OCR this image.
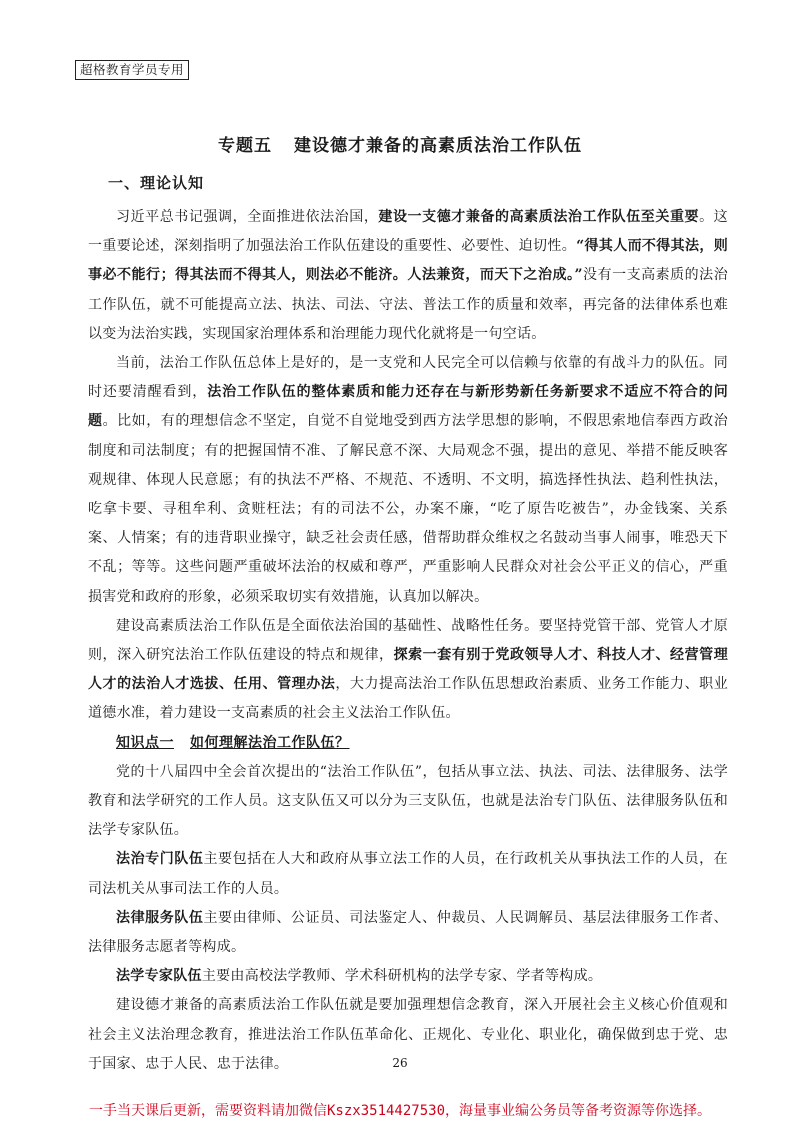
超格教育学员专用
专题五 建设德才兼备的高素质法治工作队伍
一、理论认知

习近平总书记强调，全面推进依法治国，建设一支德才兼备的高素质法治工作队伍至关重要。这一重要论述，深刻指明了加强法治工作队伍建设的重要性、必要性、迫切性。“得其人而不得其法，则事必不能行；得其法而不得其人，则法必不能济。人法兼资，而天下之治成。”没有一支高素质的法治工作队伍，就不可能提高立法、执法、司法、守法、普法工作的质量和效率，再完备的法律体系也难以变为法治实践，实现国家治理体系和治理能力现代化就将是一句空话。

当前，法治工作队伍总体上是好的，是一支党和人民完全可以信赖与依靠的有战斗力的队伍。同时还要清醒看到，法治工作队伍的整体素质和能力还存在与新形势新任务新要求不适应不符合的问题。比如，有的理想信念不坚定，自觉不自觉地受到西方法学思想的影响，不假思索地信奉西方政治制度和司法制度；有的把握国情不准、了解民意不深、大局观念不强，提出的意见、举措不能反映客观规律、体现人民意愿；有的执法不严格、不规范、不透明、不文明，搞选择性执法、趋利性执法，吃拿卡要、寻租牟利、贪赃枉法；有的司法不公，办案不廉，“吃了原告吃被告”，办金钱案、关系案、人情案；有的违背职业操守，缺乏社会责任感，借帮助群众维权之名鼓动当事人闹事，唯恐天下不乱；等等。这些问题严重破坏法治的权威和尊严，严重影响人民群众对社会公平正义的信心，严重损害党和政府的形象，必须采取切实有效措施，认真加以解决。

建设高素质法治工作队伍是全面依法治国的基础性、战略性任务。要坚持党管干部、党管人才原则，深入研究法治工作队伍建设的特点和规律，探索一套有别于党政领导人才、科技人才、经营管理人才的法治人才选拔、任用、管理办法，大力提高法治工作队伍思想政治素质、业务工作能力、职业道德水准，着力建设一支高素质的社会主义法治工作队伍。

知识点一 如何理解法治工作队伍？

党的十八届四中全会首次提出的“法治工作队伍”，包括从事立法、执法、司法、法律服务、法学教育和法学研究的工作人员。这支队伍又可以分为三支队伍，也就是法治专门队伍、法律服务队伍和法学专家队伍。

法治专门队伍主要包括在人大和政府从事立法工作的人员，在行政机关从事执法工作的人员，在司法机关从事司法工作的人员。

法律服务队伍主要由律师、公证员、司法鉴定人、仲裁员、人民调解员、基层法律服务工作者、法律服务志愿者等构成。

法学专家队伍主要由高校法学教师、学术科研机构的法学专家、学者等构成。

建设德才兼备的高素质法治工作队伍就是要加强理想信念教育，深入开展社会主义核心价值观和社会主义法治理念教育，推进法治工作队伍革命化、正规化、专业化、职业化，确保做到忠于党、忠于国家、忠于人民、忠于法律。	26
一手当天课后更新，需要资料请加微信Kszx3514427530，海量事业编公务员等备考资源等你选择。
